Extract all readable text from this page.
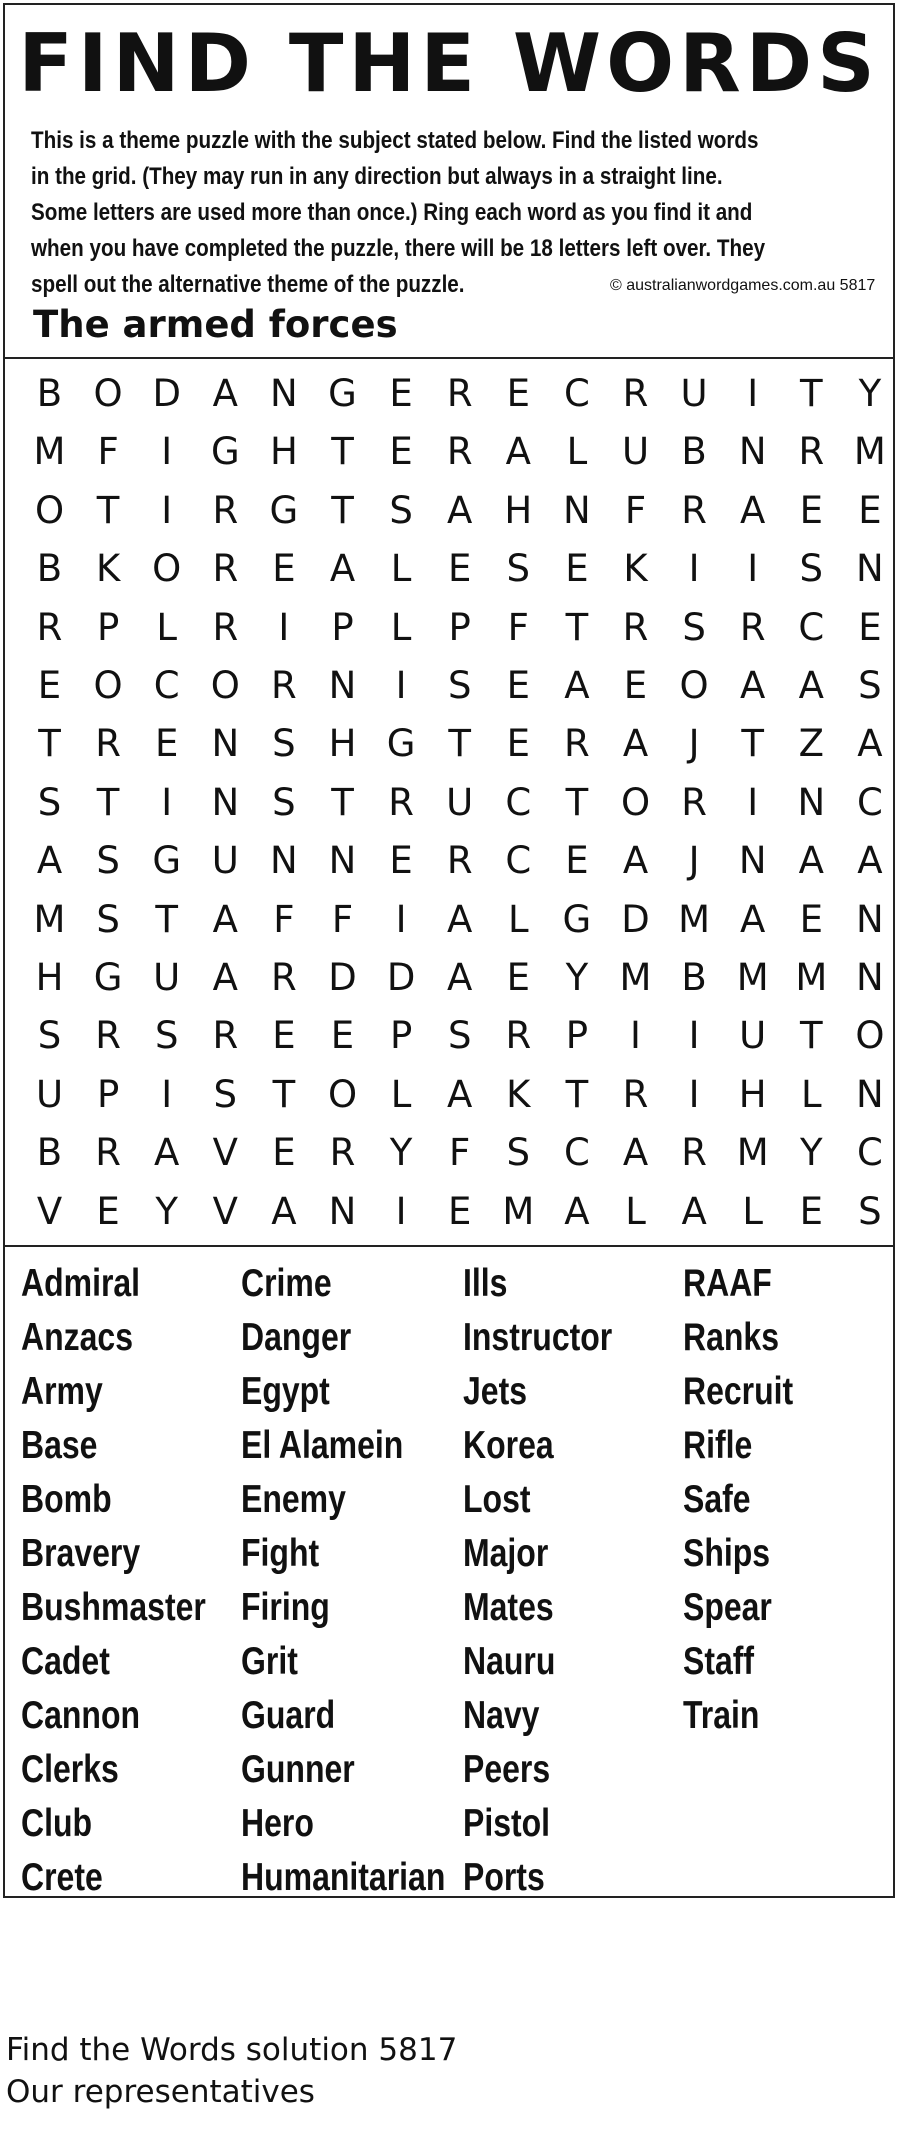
FIND THE WORDS
This is a theme puzzle with the subject stated below. Find the listed words
in the grid. (They may run in any direction but always in a straight line.
Some letters are used more than once.) Ring each word as you find it and
when you have completed the puzzle, there will be 18 letters left over. They
spell out the alternative theme of the puzzle.	© australianwordgames.com.au 5817
The armed forces
B O D A N G E R E C R U	I	T Y
M F	I	G H T E R A L U B N R M
O T	I	R G T S A H N F R A E E
B K O R E A L E S E K	I	I	S N
R P	L R	I	P	L	P F T R S R C E
E O C O R N	I	S E A E O A A S
T R E N S H G T E R A	J	T Z A
S T	I	N S T R U C T O R	I	N C
A S G U N N E R C E A	J	N A A
M S T A F	F	I	A L G D M A E N
H G U A R D D A E Y M B M M N
S R S R E E P S R P	I	I	U T O
U P	I	S T O L A K T R	I	H L N
B R A V E R Y F S C A R M Y C
V E Y V A N	I	E M A L A L E S
Admiral
Anzacs
Army
Base
Bomb
Bravery
Bushmaster
Cadet
Cannon
Clerks
Club
Crete
Crime
Danger
Egypt
El Alamein
Enemy
Fight
Firing
Grit
Guard
Gunner
Hero
Humanitarian
Ills
Instructor
Jets
Korea
Lost
Major
Mates
Nauru
Navy
Peers
Pistol
Ports
RAAF
Ranks
Recruit
Rifle
Safe
Ships
Spear
Staff
Train
Find the Words solution 5817
Our representatives
